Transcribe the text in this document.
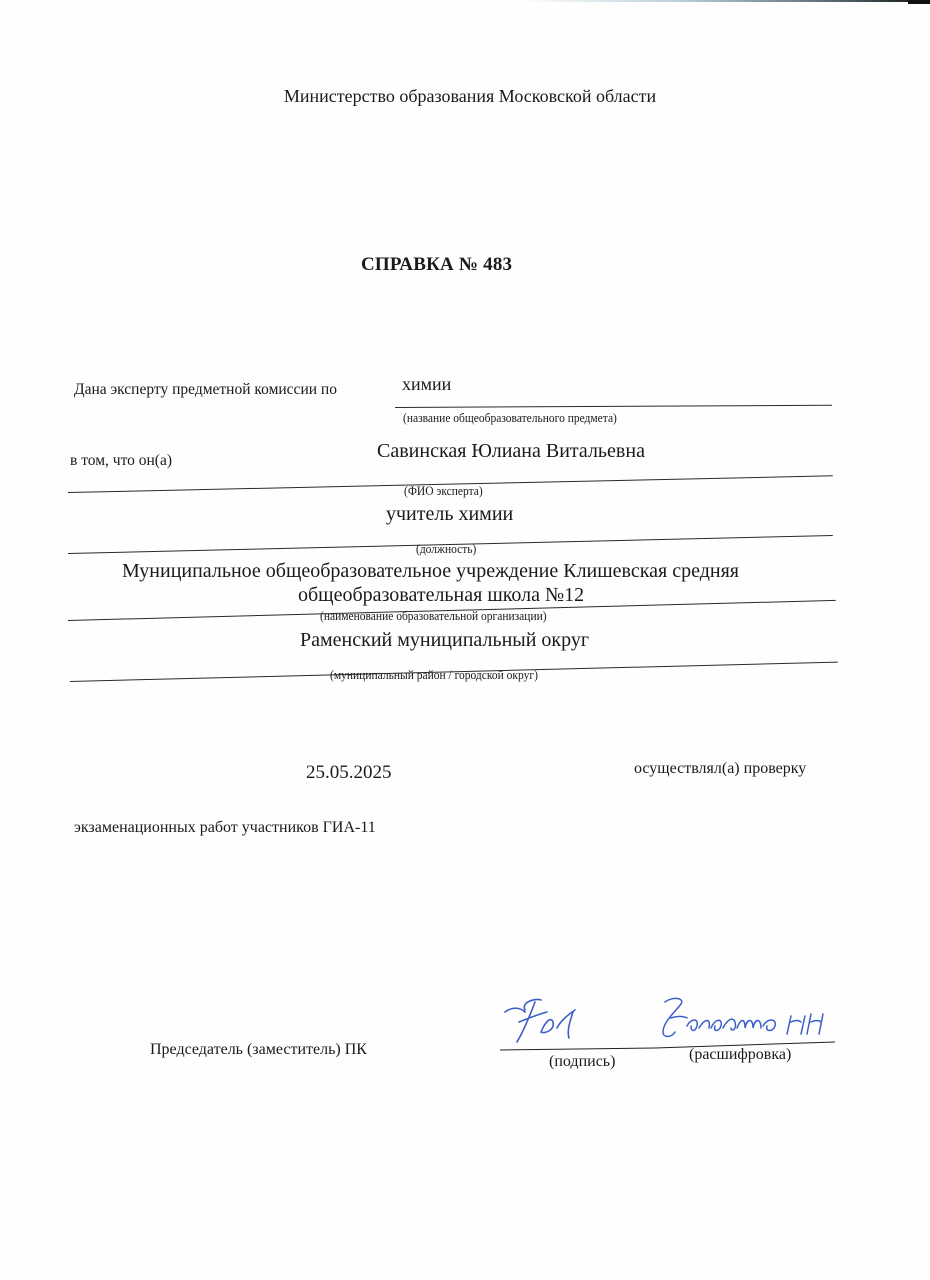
Министерство образования Московской области
СПРАВКА № 483
Дана эксперту предметной комиссии по	химии
(название общеобразовательного предмета)
в том, что он(а)	Савинская Юлиана Витальевна
(ФИО эксперта)
учитель химии
(должность)
Муниципальное общеобразовательное учреждение Клишевская средняя
общеобразовательная школа №12
(наименование образовательной организации)
Раменский муниципальный округ
(муниципальный район / городской округ)
25.05.2025	осуществлял(а) проверку
экзаменационных работ участников ГИА-11
Председатель (заместитель) ПК
(подпись)	(расшифровка)
